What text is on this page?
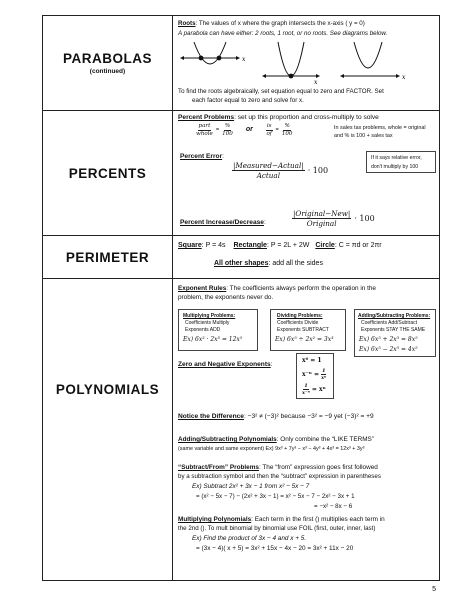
PARABOLAS
(continued)
Roots: The values of x where the graph intersects the x-axis ( y = 0)
A parabola can have either: 2 roots, 1 root, or no roots. See diagrams below.
x
x
x
To find the roots algebraically, set equation equal to zero and FACTOR. Set
each factor equal to zero and solve for x.
PERCENTS
Percent Problems: set up this proportion and cross-multiply to solve
$\frac{\text{part}}{\text{whole}} = \frac{\%}{100}$ or $\frac{is}{of} = \frac{\%}{100}$	In sales tax problems, whole = original
and % is 100 + sales tax
Percent Error:
$\frac{\text{|Measured−Actual|}}{\text{Actual}} \cdot 100$
If it says relative error,
don't multiply by 100
Percent Increase/Decrease:	$\frac{\text{|Original−New|}}{\text{Original}} \cdot 100$
PERIMETER
Square: P = 4s Rectangle: P = 2L + 2W Circle: C = πd or 2πr
All other shapes: add all the sides
POLYNOMIALS
Exponent Rules: The coefficients always perform the operation in the
problem, the exponents never do.
Multiplying Problems:
Coefficients Multiply
Exponents ADD
Ex) 6x² · 2x³ = 12x⁵
Dividing Problems:
Coefficients Divide
Exponents SUBTRACT
Ex) 6x⁵ ÷ 2x² = 3x³
Adding/Subtracting Problems:
Coefficients Add/Subtract
Exponents STAY THE SAME
Ex) 6x⁵ + 2x⁵ = 8x⁵
Ex) 6x⁵ − 2x⁵ = 4x⁵
Zero and Negative Exponents:
x⁰ = 1
$x^{-n} = \frac{1}{\text{xⁿ}}$
$\frac{1}{\text{x⁻ⁿ}} = x^n$
Notice the Difference: −3² ≠ (−3)² because −3² = −9 yet (−3)² = +9
Adding/Subtracting Polynomials: Only combine the “LIKE TERMS”
(same variable and same exponent) Ex) 9x³ + 7y³ − x³ − 4y³ + 4x³ = 12x³ + 3y³
“Subtract/From” Problems: The “from” expression goes first followed
by a subtraction symbol and then the “subtract” expression in parentheses
Ex) Subtract 2x² + 3x − 1 from x² − 5x − 7
= (x² − 5x − 7) − (2x² + 3x − 1) = x² − 5x − 7 − 2x² − 3x + 1
= −x² − 8x − 6
Multiplying Polynomials: Each term in the first () multiplies each term in
the 2nd (). To mult binomial by binomial use FOIL (first, outer, inner, last)
Ex) Find the product of 3x − 4 and x + 5.
= (3x − 4)( x + 5) = 3x² + 15x − 4x − 20 = 3x² + 11x − 20
5
